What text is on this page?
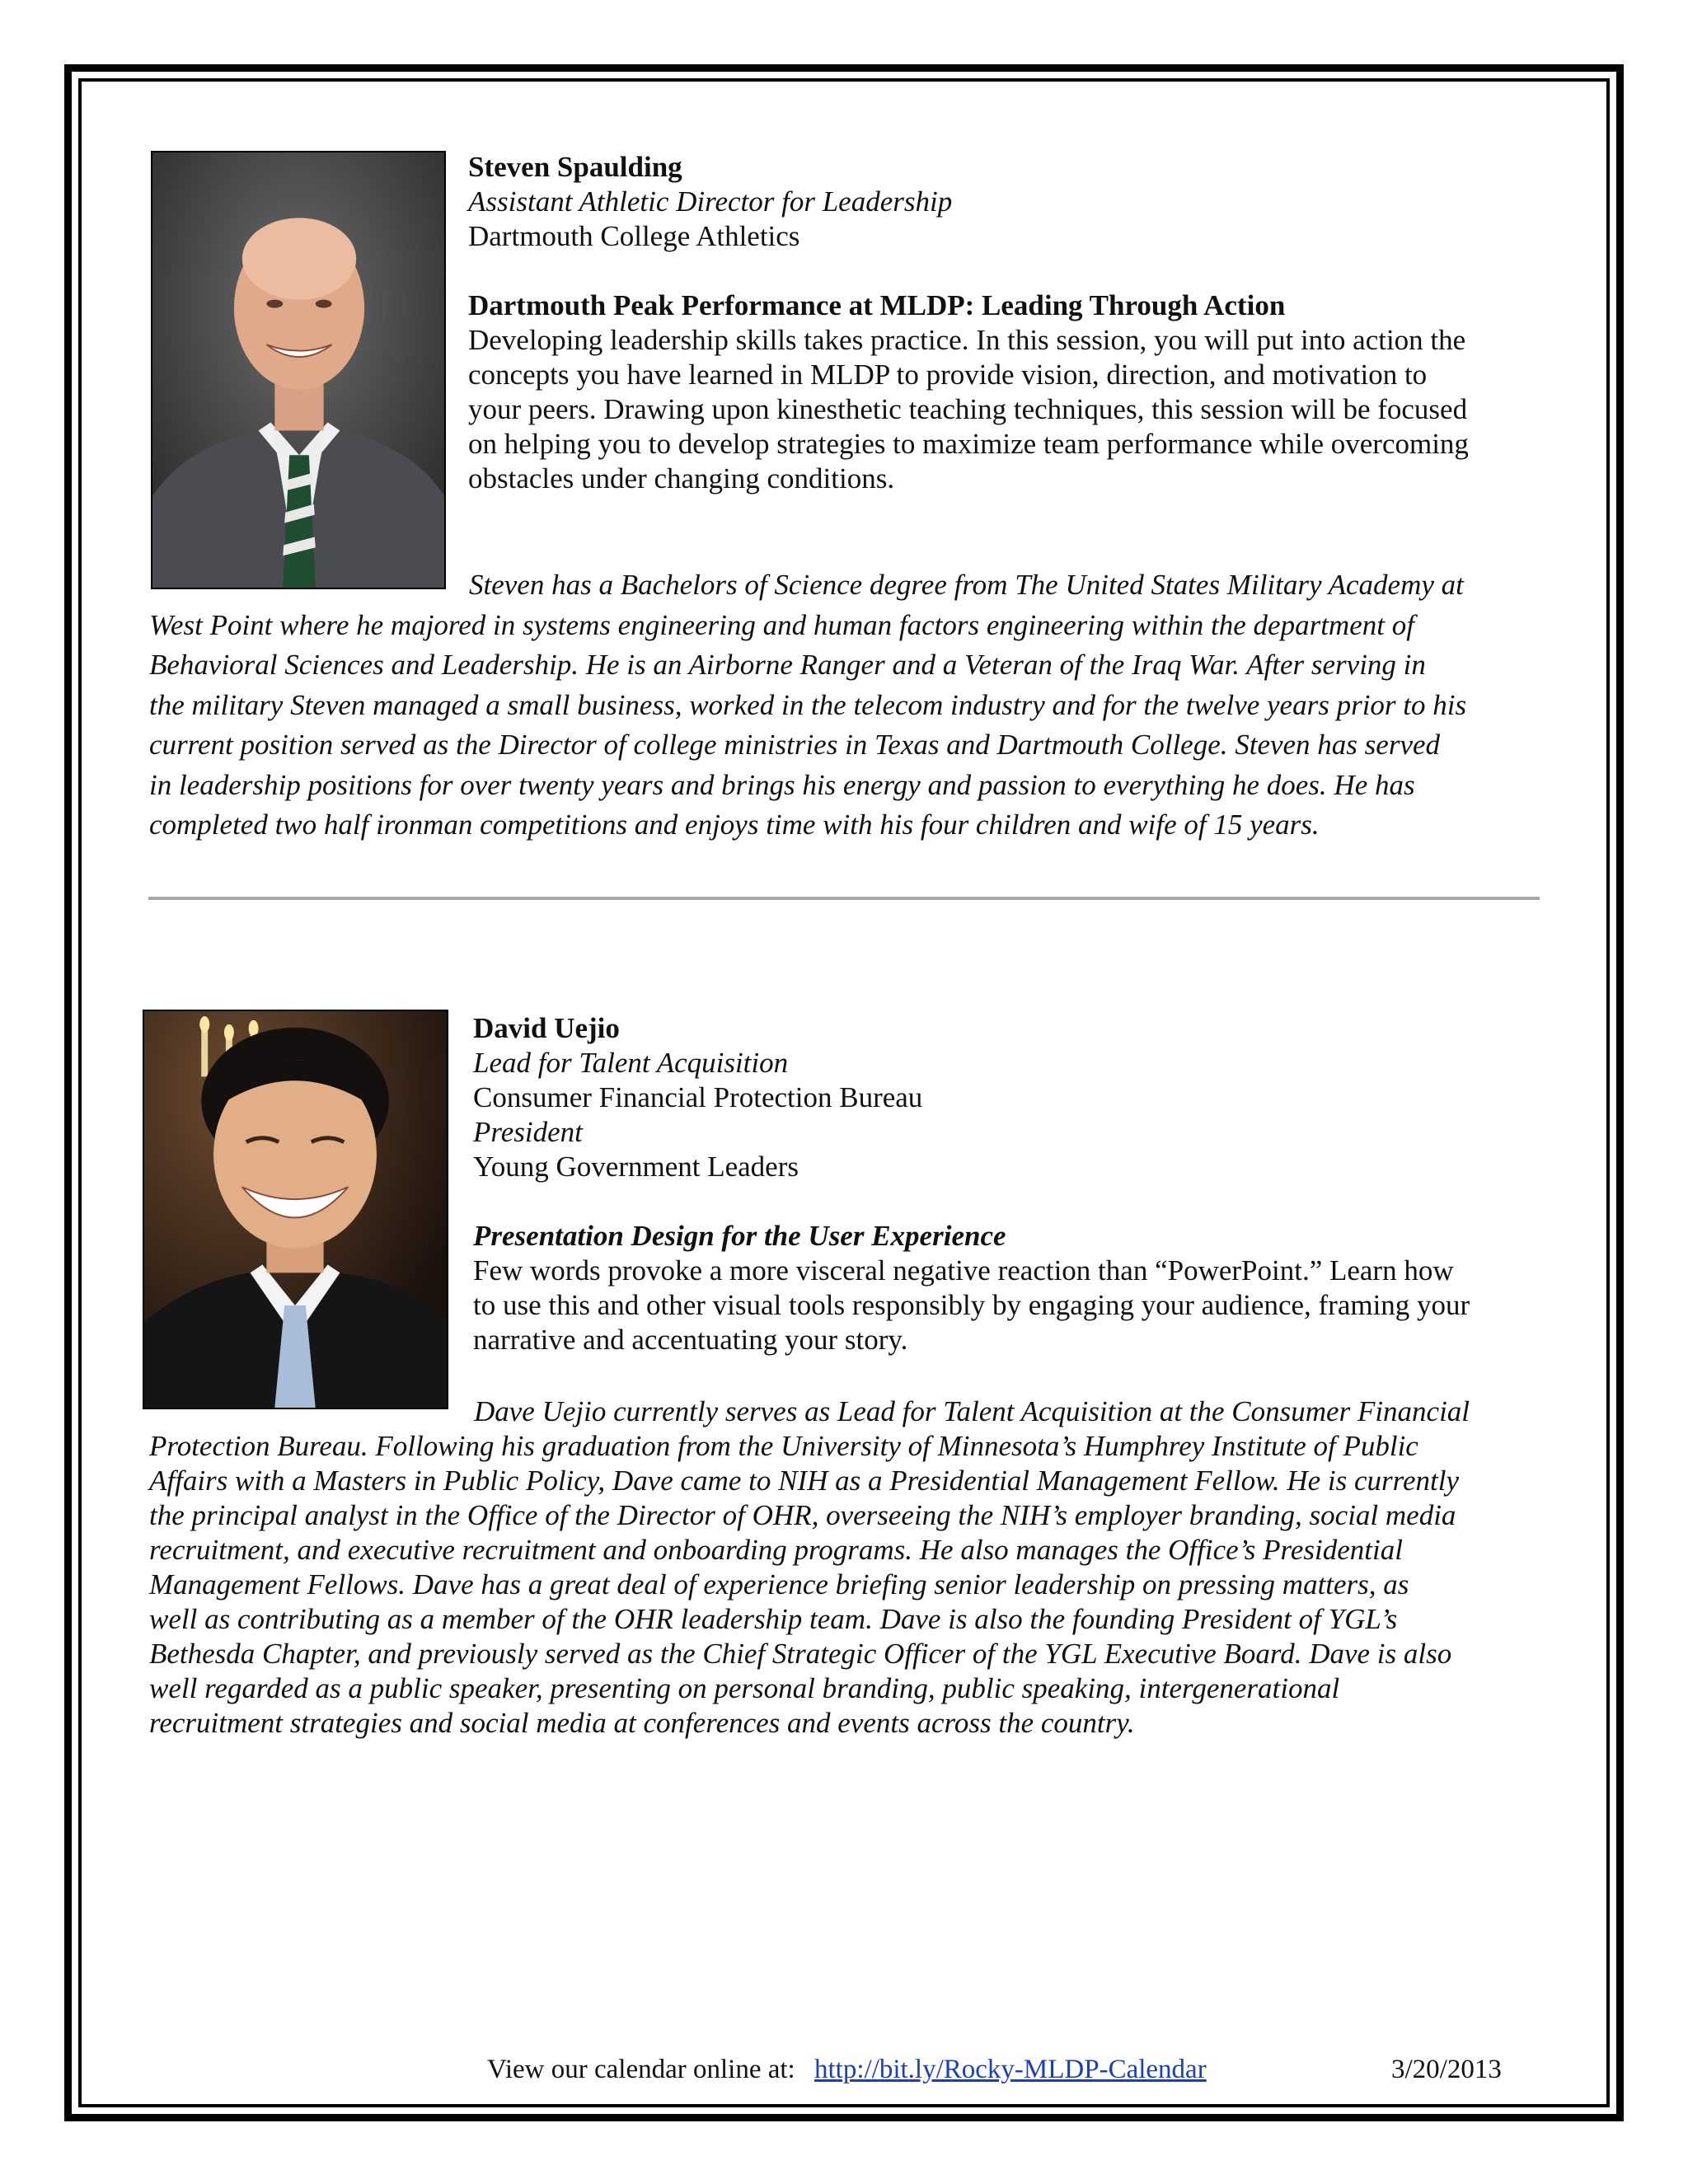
Steven Spaulding
Assistant Athletic Director for Leadership
Dartmouth College Athletics
Dartmouth Peak Performance at MLDP: Leading Through Action
Developing leadership skills takes practice. In this session, you will put into action the
concepts you have learned in MLDP to provide vision, direction, and motivation to
your peers. Drawing upon kinesthetic teaching techniques, this session will be focused
on helping you to develop strategies to maximize team performance while overcoming
obstacles under changing conditions.
Steven has a Bachelors of Science degree from The United States Military Academy at
West Point where he majored in systems engineering and human factors engineering within the department of
Behavioral Sciences and Leadership. He is an Airborne Ranger and a Veteran of the Iraq War. After serving in
the military Steven managed a small business, worked in the telecom industry and for the twelve years prior to his
current position served as the Director of college ministries in Texas and Dartmouth College. Steven has served
in leadership positions for over twenty years and brings his energy and passion to everything he does. He has
completed two half ironman competitions and enjoys time with his four children and wife of 15 years.
David Uejio
Lead for Talent Acquisition
Consumer Financial Protection Bureau
President
Young Government Leaders
Presentation Design for the User Experience
Few words provoke a more visceral negative reaction than “PowerPoint.” Learn how
to use this and other visual tools responsibly by engaging your audience, framing your
narrative and accentuating your story.
Dave Uejio currently serves as Lead for Talent Acquisition at the Consumer Financial
Protection Bureau. Following his graduation from the University of Minnesota’s Humphrey Institute of Public
Affairs with a Masters in Public Policy, Dave came to NIH as a Presidential Management Fellow. He is currently
the principal analyst in the Office of the Director of OHR, overseeing the NIH’s employer branding, social media
recruitment, and executive recruitment and onboarding programs. He also manages the Office’s Presidential
Management Fellows. Dave has a great deal of experience briefing senior leadership on pressing matters, as
well as contributing as a member of the OHR leadership team. Dave is also the founding President of YGL’s
Bethesda Chapter, and previously served as the Chief Strategic Officer of the YGL Executive Board. Dave is also
well regarded as a public speaker, presenting on personal branding, public speaking, intergenerational
recruitment strategies and social media at conferences and events across the country.
View our calendar online at: http://bit.ly/Rocky-MLDP-Calendar	3/20/2013
